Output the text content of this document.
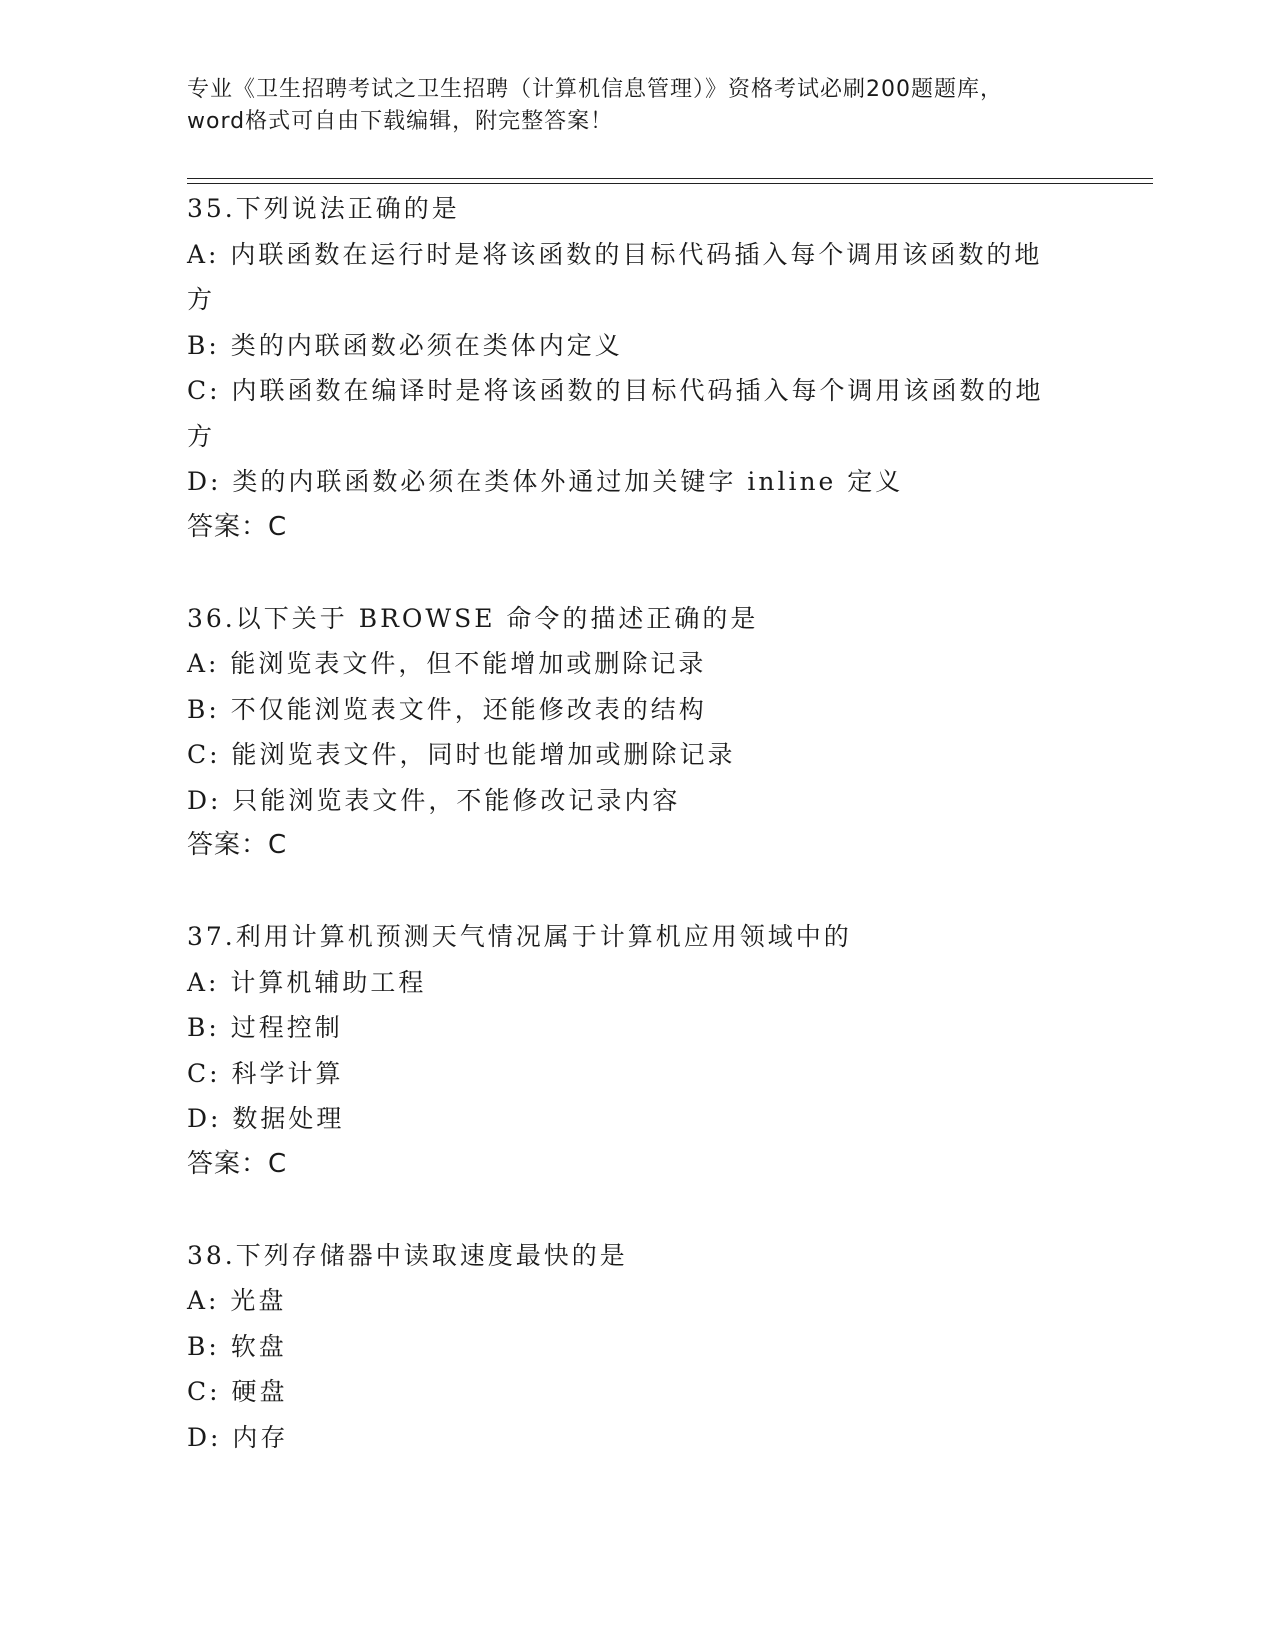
专业《卫生招聘考试之卫生招聘（计算机信息管理）》资格考试必刷200题题库，
word格式可自由下载编辑，附完整答案！
35.下列说法正确的是
A: 内联函数在运行时是将该函数的目标代码插入每个调用该函数的地方
B: 类的内联函数必须在类体内定义
C: 内联函数在编译时是将该函数的目标代码插入每个调用该函数的地方
D: 类的内联函数必须在类体外通过加关键字 inline 定义
答案：C
36.以下关于 BROWSE 命令的描述正确的是
A: 能浏览表文件，但不能增加或删除记录
B: 不仅能浏览表文件，还能修改表的结构
C: 能浏览表文件，同时也能增加或删除记录
D: 只能浏览表文件，不能修改记录内容
答案：C
37.利用计算机预测天气情况属于计算机应用领域中的
A: 计算机辅助工程
B: 过程控制
C: 科学计算
D: 数据处理
答案：C
38.下列存储器中读取速度最快的是
A: 光盘
B: 软盘
C: 硬盘
D: 内存
